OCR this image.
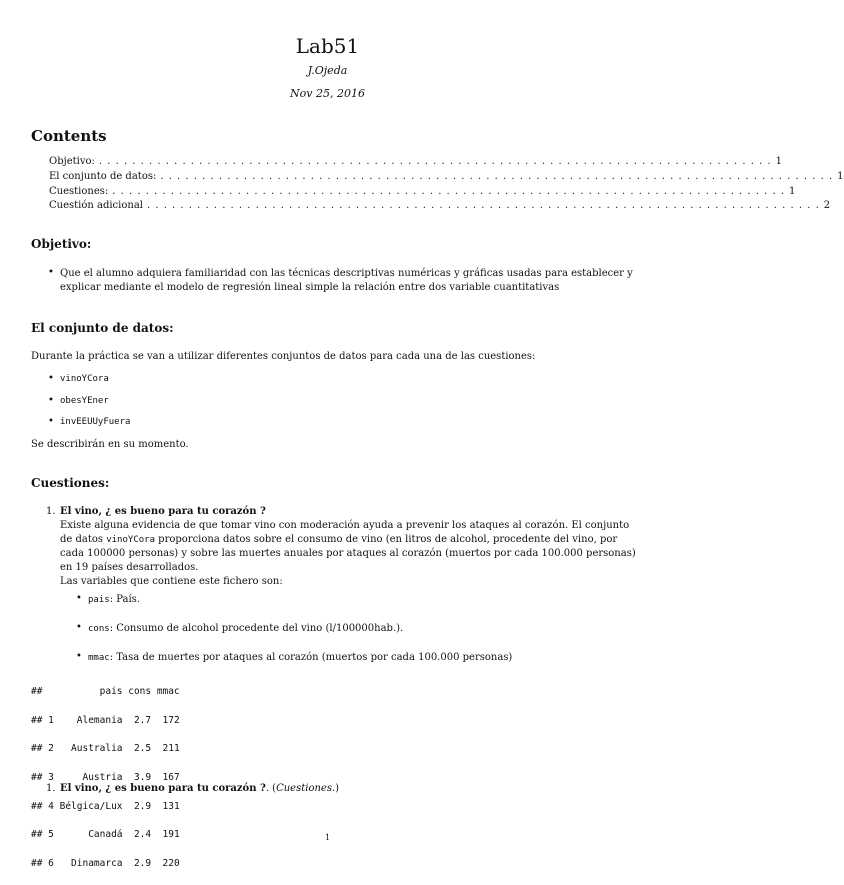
Lab51
J.Ojeda
Nov 25, 2016
Contents
Objetivo: . . . . . . . . . . . . . . . . . . . . . . . . . . . . . . . . . . . . . . . . . . . . . . . . . . . . . . . . . . . . . . . . . . . . . . . . . . . . . . . . . 1
El conjunto de datos: . . . . . . . . . . . . . . . . . . . . . . . . . . . . . . . . . . . . . . . . . . . . . . . . . . . . . . . . . . . . . . . . . . . . . . . . . . . . . . . . . 1
Cuestiones: . . . . . . . . . . . . . . . . . . . . . . . . . . . . . . . . . . . . . . . . . . . . . . . . . . . . . . . . . . . . . . . . . . . . . . . . . . . . . . . . . 1
Cuestión adicional . . . . . . . . . . . . . . . . . . . . . . . . . . . . . . . . . . . . . . . . . . . . . . . . . . . . . . . . . . . . . . . . . . . . . . . . . . . . . . . . . 2
Objetivo:
• Que el alumno adquiera familiaridad con las técnicas descriptivas numéricas y gráficas usadas para establecer y
explicar mediante el modelo de regresión lineal simple la relación entre dos variable cuantitativas
El conjunto de datos:
Durante la práctica se van a utilizar diferentes conjuntos de datos para cada una de las cuestiones:
• vinoYCora
• obesYEner
• invEEUUyFuera
Se describirán en su momento.
Cuestiones:
1. El vino, ¿ es bueno para tu corazón ?
Existe alguna evidencia de que tomar vino con moderación ayuda a prevenir los ataques al corazón. El conjunto
de datos vinoYCora proporciona datos sobre el consumo de vino (en litros de alcohol, procedente del vino, por
cada 100000 personas) y sobre las muertes anuales por ataques al corazón (muertos por cada 100.000 personas)
en 19 países desarrollados.
Las variables que contiene este fichero son:
• pais: País.
• cons: Consumo de alcohol procedente del vino (l/100000hab.).
• mmac: Tasa de muertes por ataques al corazón (muertos por cada 100.000 personas)

##          pais cons mmac

## 1    Alemania  2.7  172

## 2   Australia  2.5  211

## 3     Austria  3.9  167

## 4 Bélgica/Lux  2.9  131

## 5      Canadá  2.4  191

## 6   Dinamarca  2.9  220

1. El vino, ¿ es bueno para tu corazón ?. (Cuestiones.)
1
